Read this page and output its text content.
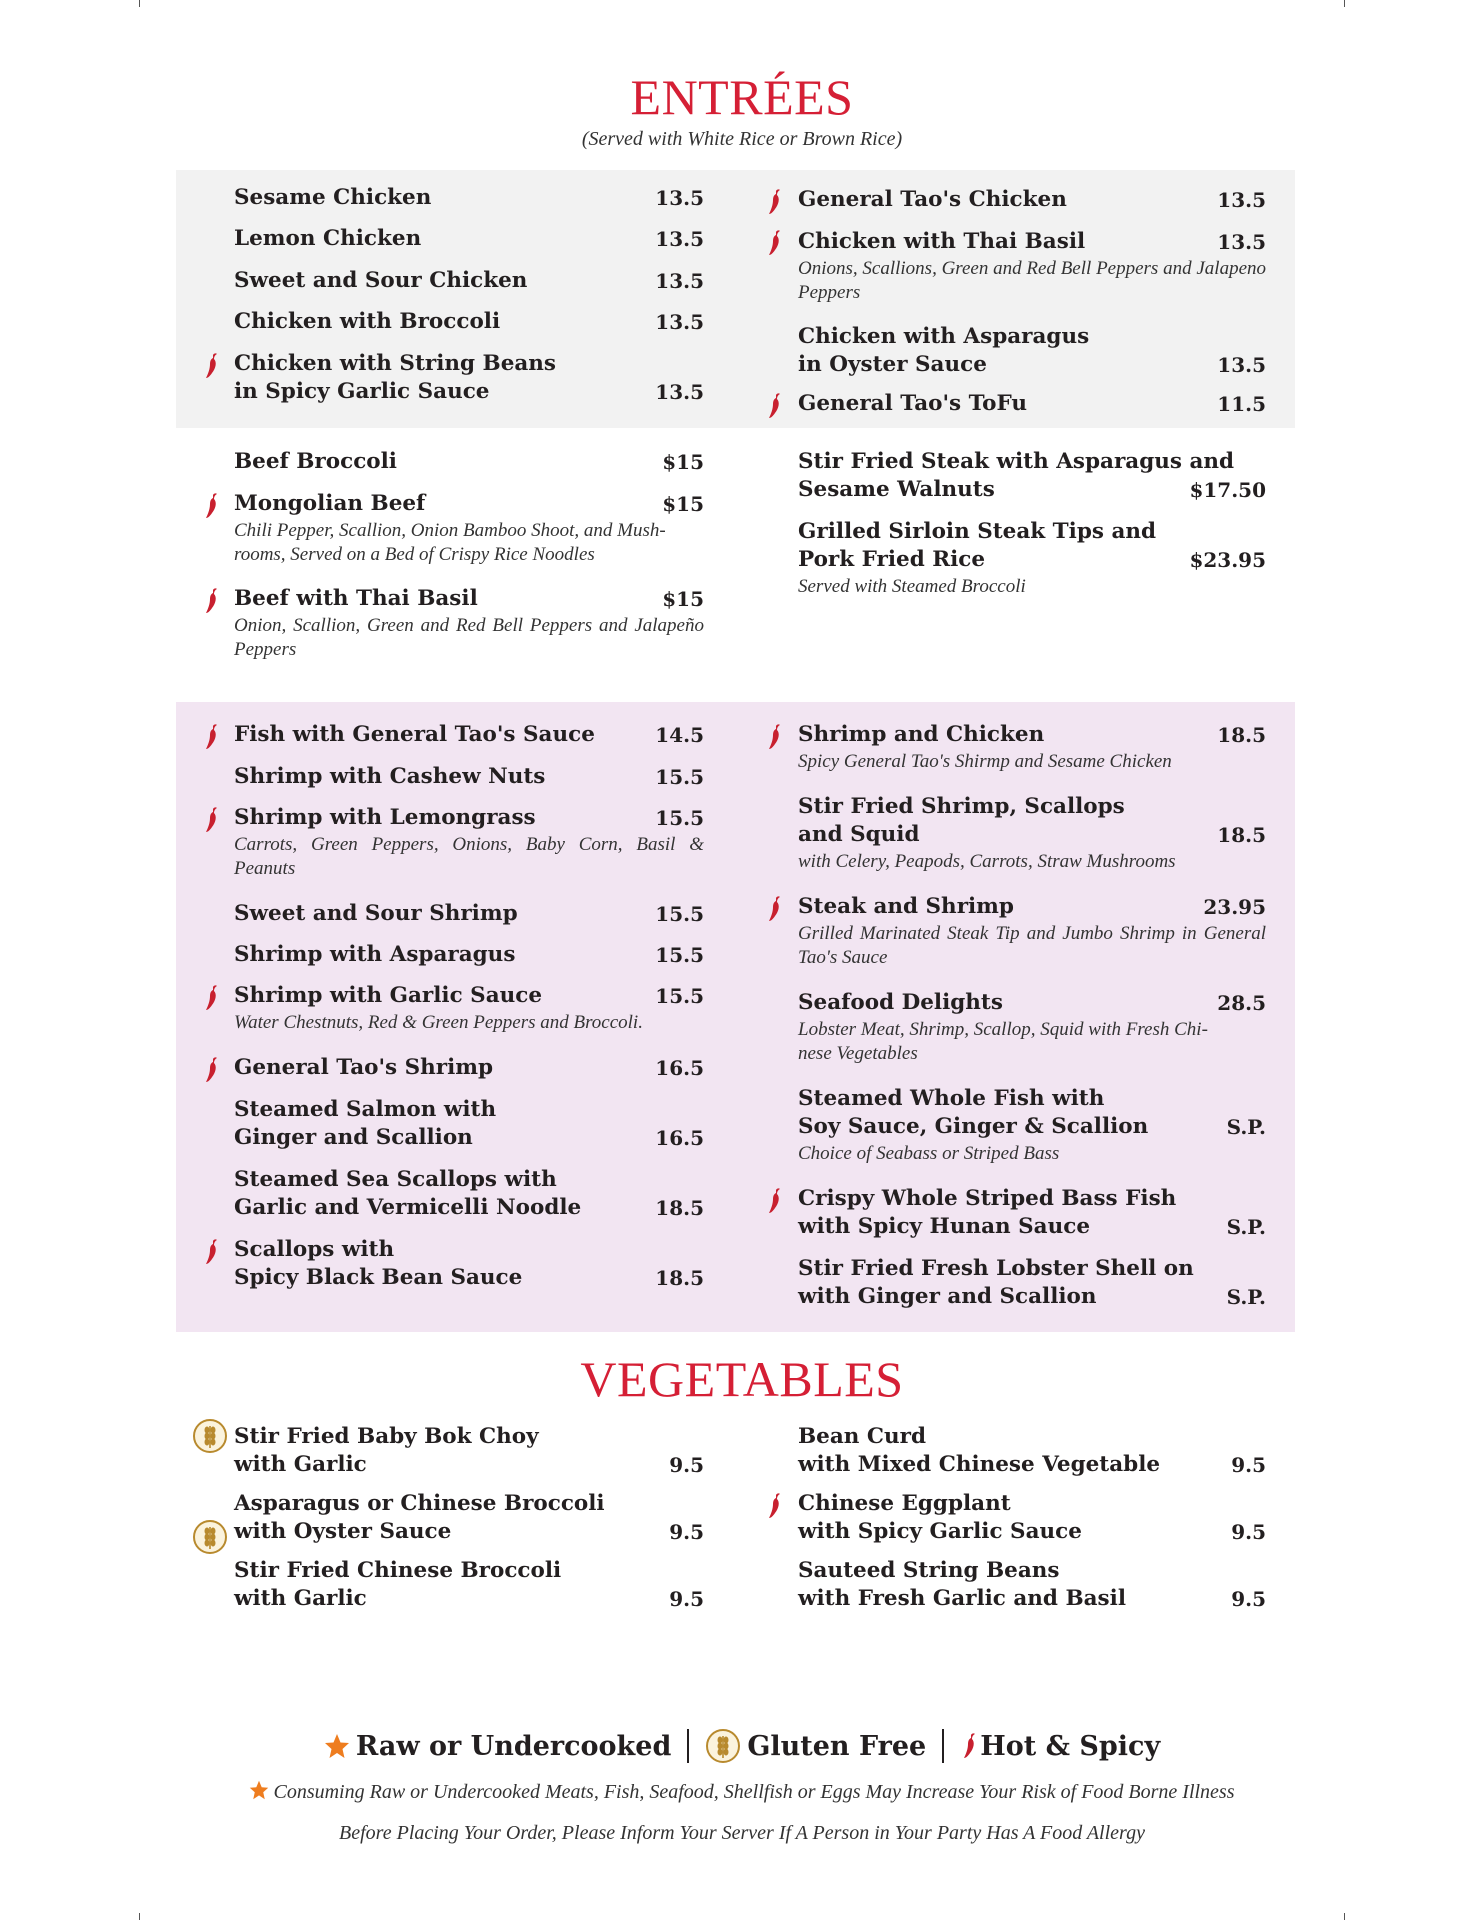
ENTRÉES
(Served with White Rice or Brown Rice)
Sesame Chicken	13.5
Lemon Chicken	13.5
Sweet and Sour Chicken	13.5
Chicken with Broccoli	13.5
Chicken with String Beans
in Spicy Garlic Sauce	13.5
General Tao's Chicken	13.5
Chicken with Thai Basil	13.5
Onions, Scallions, Green and Red Bell Peppers and Jalapeno Peppers
Chicken with Asparagus
in Oyster Sauce	13.5
General Tao's ToFu	11.5
Beef Broccoli	$15
Mongolian Beef	$15
Chili Pepper, Scallion, Onion Bamboo Shoot, and Mush-
rooms, Served on a Bed of Crispy Rice Noodles
Beef with Thai Basil	$15
Onion, Scallion, Green and Red Bell Peppers and Jalapeño Peppers
Stir Fried Steak with Asparagus and
Sesame Walnuts	$17.50
Grilled Sirloin Steak Tips and
Pork Fried Rice	$23.95
Served with Steamed Broccoli
Fish with General Tao's Sauce	14.5
Shrimp with Cashew Nuts	15.5
Shrimp with Lemongrass	15.5
Carrots, Green Peppers, Onions, Baby Corn, Basil & Peanuts
Sweet and Sour Shrimp	15.5
Shrimp with Asparagus	15.5
Shrimp with Garlic Sauce	15.5
Water Chestnuts, Red & Green Peppers and Broccoli.
General Tao's Shrimp	16.5
Steamed Salmon with
Ginger and Scallion	16.5
Steamed Sea Scallops with
Garlic and Vermicelli Noodle	18.5
Scallops with
Spicy Black Bean Sauce	18.5
Shrimp and Chicken	18.5
Spicy General Tao's Shirmp and Sesame Chicken
Stir Fried Shrimp, Scallops
and Squid	18.5
with Celery, Peapods, Carrots, Straw Mushrooms
Steak and Shrimp	23.95
Grilled Marinated Steak Tip and Jumbo Shrimp in General Tao's Sauce
Seafood Delights	28.5
Lobster Meat, Shrimp, Scallop, Squid with Fresh Chi-
nese Vegetables
Steamed Whole Fish with
Soy Sauce, Ginger & Scallion	S.P.
Choice of Seabass or Striped Bass
Crispy Whole Striped Bass Fish
with Spicy Hunan Sauce	S.P.
Stir Fried Fresh Lobster Shell on
with Ginger and Scallion	S.P.
VEGETABLES
Stir Fried Baby Bok Choy
with Garlic	9.5
Asparagus or Chinese Broccoli
with Oyster Sauce	9.5
Stir Fried Chinese Broccoli
with Garlic	9.5
Bean Curd
with Mixed Chinese Vegetable	9.5
Chinese Eggplant
with Spicy Garlic Sauce	9.5
Sauteed String Beans
with Fresh Garlic and Basil	9.5
Raw or Undercooked	Gluten Free Hot & Spicy
Consuming Raw or Undercooked Meats, Fish, Seafood, Shellfish or Eggs May Increase Your Risk of Food Borne Illness
Before Placing Your Order, Please Inform Your Server If A Person in Your Party Has A Food Allergy
